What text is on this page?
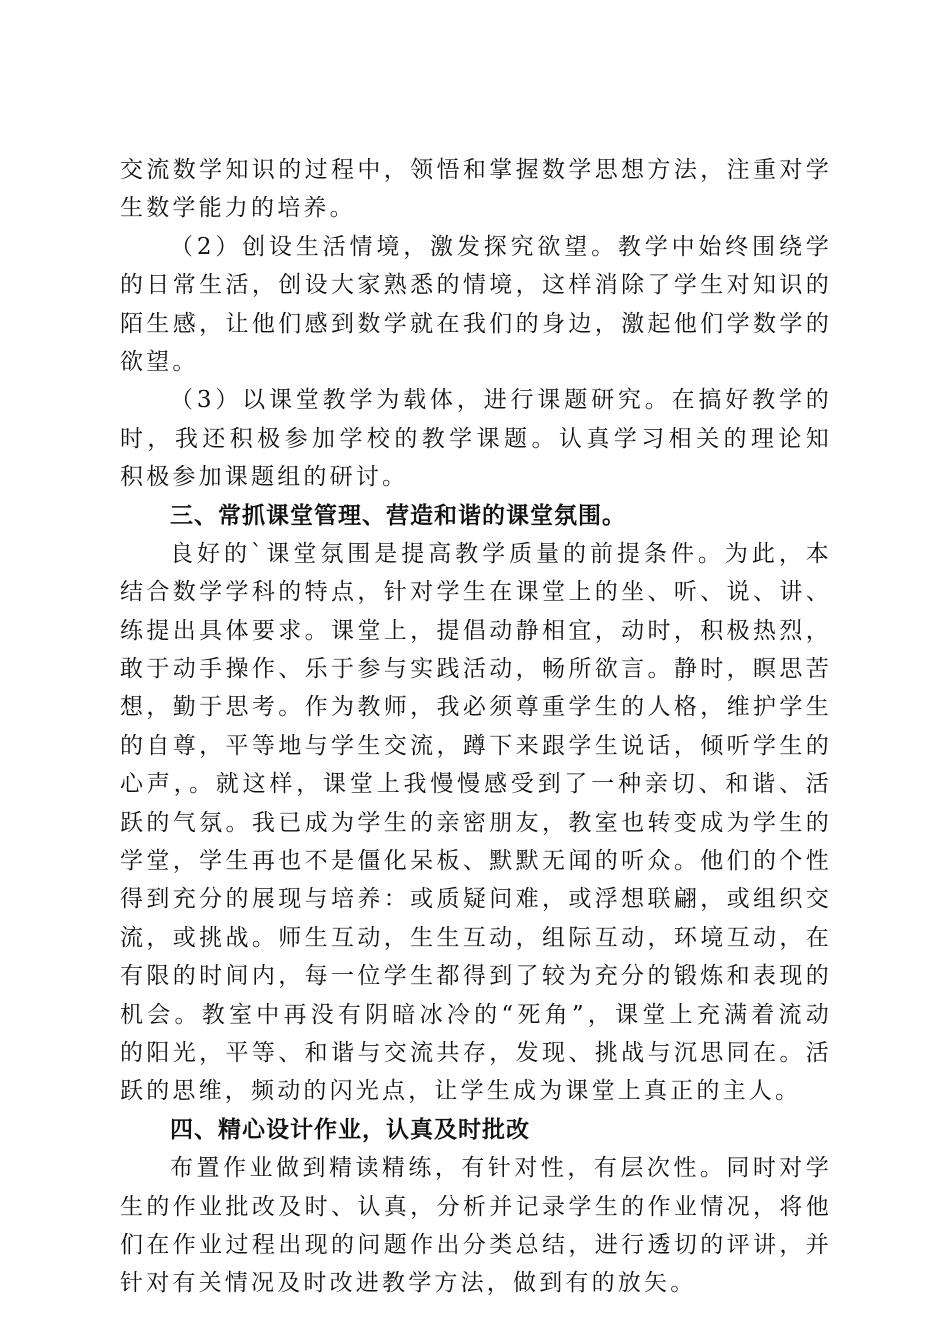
交流数学知识的过程中，领悟和掌握数学思想方法，注重对学
生数学能力的培养。
（2）创设生活情境，激发探究欲望。教学中始终围绕学
的日常生活，创设大家熟悉的情境，这样消除了学生对知识的
陌生感，让他们感到数学就在我们的身边，激起他们学数学的
欲望。
（3）以课堂教学为载体，进行课题研究。在搞好教学的
时，我还积极参加学校的教学课题。认真学习相关的理论知
积极参加课题组的研讨。
三、常抓课堂管理、营造和谐的课堂氛围。
良好的`课堂氛围是提高教学质量的前提条件。为此，本
结合数学学科的特点，针对学生在课堂上的坐、听、说、讲、
练提出具体要求。课堂上，提倡动静相宜，动时，积极热烈，
敢于动手操作、乐于参与实践活动，畅所欲言。静时，瞑思苦
想，勤于思考。作为教师，我必须尊重学生的人格，维护学生
的自尊，平等地与学生交流，蹲下来跟学生说话，倾听学生的
心声，。就这样，课堂上我慢慢感受到了一种亲切、和谐、活
跃的气氛。我已成为学生的亲密朋友，教室也转变成为学生的
学堂，学生再也不是僵化呆板、默默无闻的听众。他们的个性
得到充分的展现与培养：或质疑问难，或浮想联翩，或组织交
流，或挑战。师生互动，生生互动，组际互动，环境互动，在
有限的时间内，每一位学生都得到了较为充分的锻炼和表现的
机会。教室中再没有阴暗冰冷的“死角”，课堂上充满着流动
的阳光，平等、和谐与交流共存，发现、挑战与沉思同在。活
跃的思维，频动的闪光点，让学生成为课堂上真正的主人。
四、精心设计作业，认真及时批改
布置作业做到精读精练，有针对性，有层次性。同时对学
生的作业批改及时、认真，分析并记录学生的作业情况，将他
们在作业过程出现的问题作出分类总结，进行透切的评讲，并
针对有关情况及时改进教学方法，做到有的放矢。
